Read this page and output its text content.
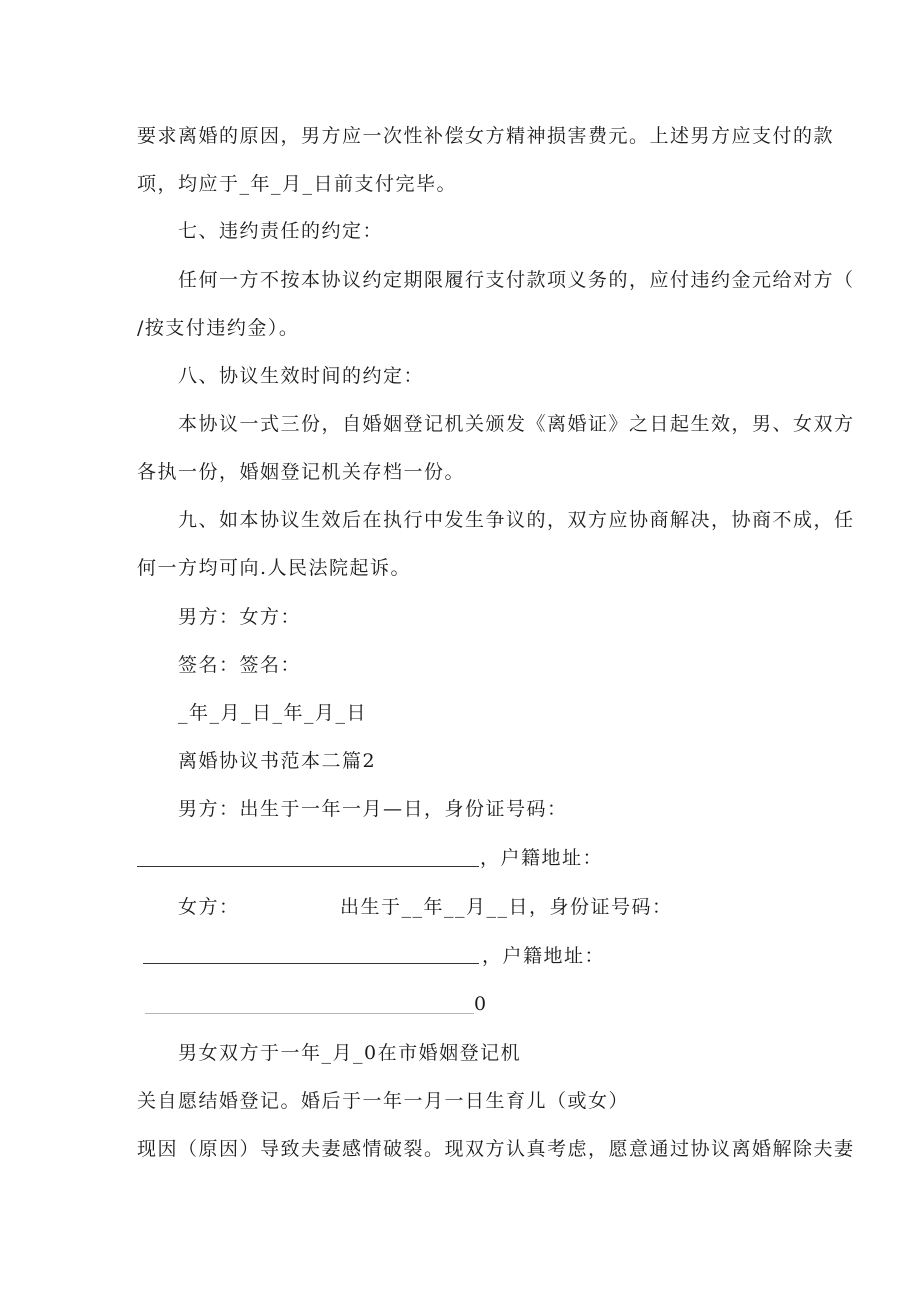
要求离婚的原因，男方应一次性补偿女方精神损害费元。上述男方应支付的款
项，均应于_年_月_日前支付完毕。
七、违约责任的约定：
任何一方不按本协议约定期限履行支付款项义务的，应付违约金元给对方（
/按支付违约金）。
八、协议生效时间的约定：
本协议一式三份，自婚姻登记机关颁发《离婚证》之日起生效，男、女双方
各执一份，婚姻登记机关存档一份。
九、如本协议生效后在执行中发生争议的，双方应协商解决，协商不成，任
何一方均可向.人民法院起诉。
男方：女方：
签名：签名：
_年_月_日_年_月_日
离婚协议书范本二篇2
男方：出生于一年一月—日，身份证号码：
，户籍地址：
女方：	出生于__年__月__日，身份证号码：
，户籍地址：
0
男女双方于一年_月_0在市婚姻登记机
关自愿结婚登记。婚后于一年一月一日生育儿（或女）
现因（原因）导致夫妻感情破裂。现双方认真考虑，愿意通过协议离婚解除夫妻
